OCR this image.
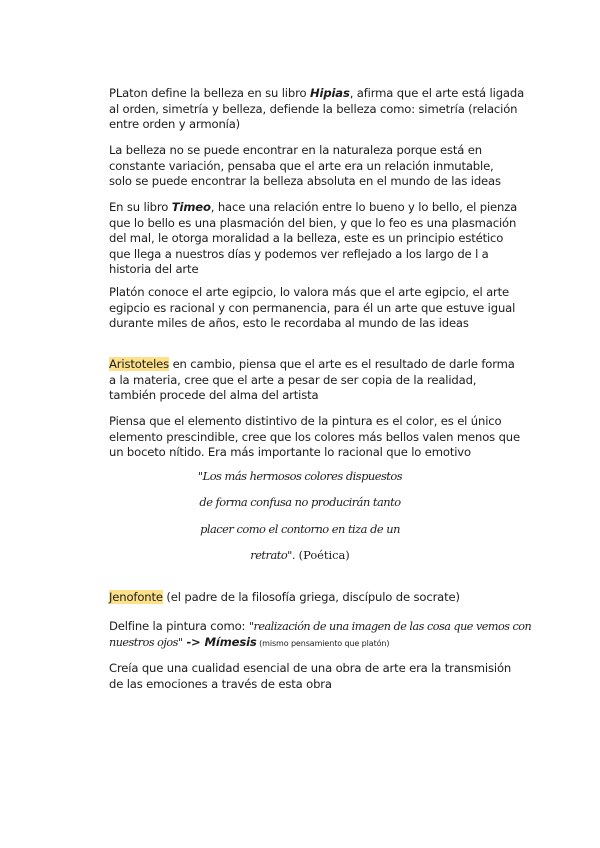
PLaton define la belleza en su libro Hipias, afirma que el arte está ligada
al orden, simetría y belleza, defiende la belleza como: simetría (relación
entre orden y armonía)
La belleza no se puede encontrar en la naturaleza porque está en
constante variación, pensaba que el arte era un relación inmutable,
solo se puede encontrar la belleza absoluta en el mundo de las ideas
En su libro Timeo, hace una relación entre lo bueno y lo bello, el pienza
que lo bello es una plasmación del bien, y que lo feo es una plasmación
del mal, le otorga moralidad a la belleza, este es un principio estético
que llega a nuestros días y podemos ver reflejado a los largo de l a
historia del arte
Platón conoce el arte egipcio, lo valora más que el arte egipcio, el arte
egipcio es racional y con permanencia, para él un arte que estuve igual
durante miles de años, esto le recordaba al mundo de las ideas
Aristoteles en cambio, piensa que el arte es el resultado de darle forma
a la materia, cree que el arte a pesar de ser copia de la realidad,
también procede del alma del artista
Piensa que el elemento distintivo de la pintura es el color, es el único
elemento prescindible, cree que los colores más bellos valen menos que
un boceto nítido. Era más importante lo racional que lo emotivo
"Los más hermosos colores dispuestos
de forma confusa no producirán tanto
placer como el contorno en tiza de un
retrato". (Poética)
Jenofonte (el padre de la filosofía griega, discípulo de socrate)
Delfine la pintura como: "realización de una imagen de las cosa que vemos con
nuestros ojos" -> Mímesis (mismo pensamiento que platón)
Creía que una cualidad esencial de una obra de arte era la transmisión
de las emociones a través de esta obra
